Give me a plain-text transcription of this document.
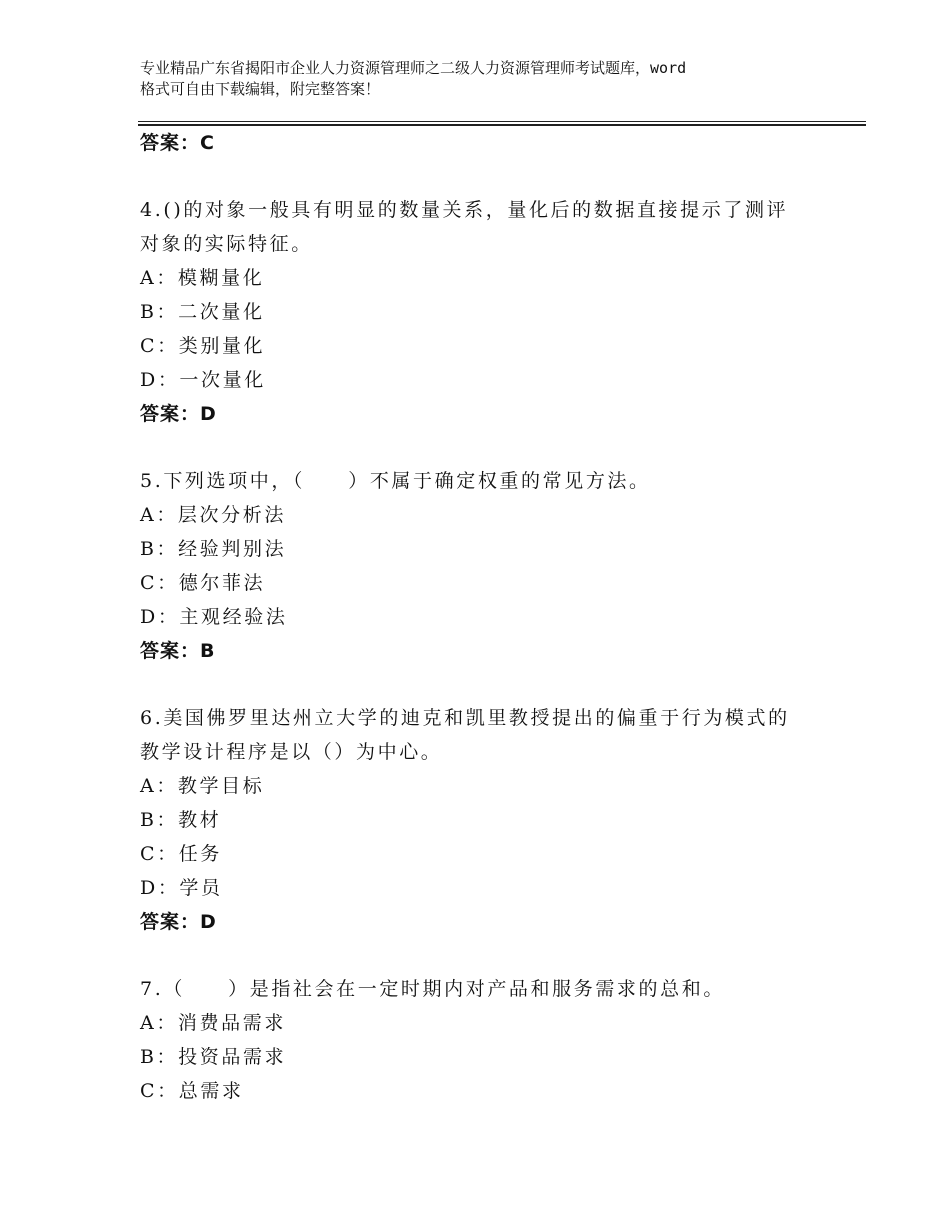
专业精品广东省揭阳市企业人力资源管理师之二级人力资源管理师考试题库，word
格式可自由下载编辑，附完整答案！
答案：C
4.()的对象一般具有明显的数量关系，量化后的数据直接提示了测评
对象的实际特征。
A：模糊量化
B：二次量化
C：类别量化
D：一次量化
答案：D
5.下列选项中，（　　）不属于确定权重的常见方法。
A：层次分析法
B：经验判别法
C：德尔菲法
D：主观经验法
答案：B
6.美国佛罗里达州立大学的迪克和凯里教授提出的偏重于行为模式的
教学设计程序是以（）为中心。
A：教学目标
B：教材
C：任务
D：学员
答案：D
7.（　　）是指社会在一定时期内对产品和服务需求的总和。
A：消费品需求
B：投资品需求
C：总需求
